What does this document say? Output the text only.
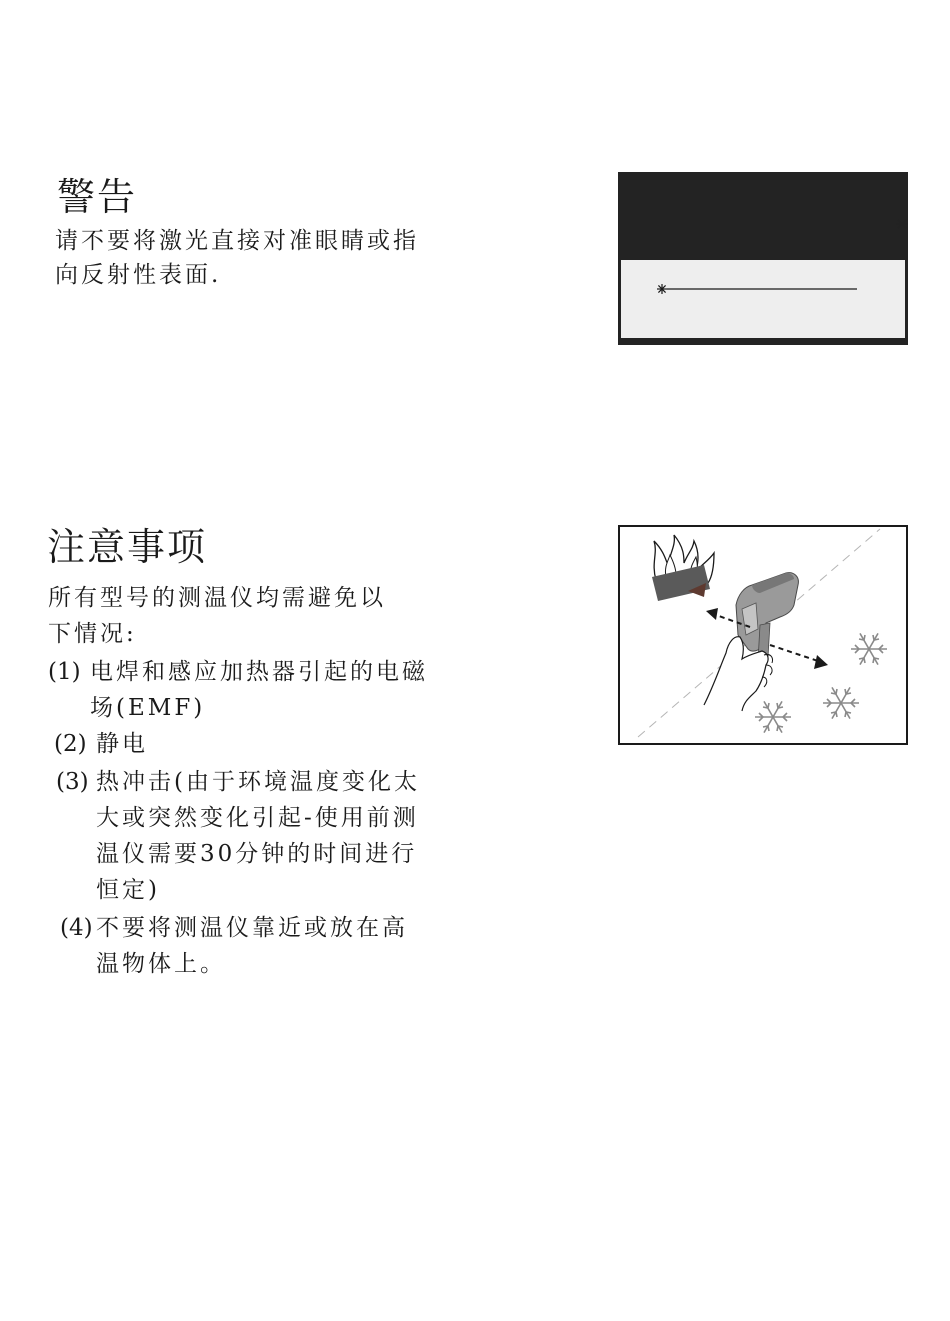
警告

请不要将激光直接对准眼睛或指向反射性表面.

注意事项

所有型号的测温仪均需避免以下情况:

(1) 电焊和感应加热器引起的电磁场(EMF)
(2) 静电
(3) 热冲击(由于环境温度变化太大或突然变化引起-使用前测温仪需要30分钟的时间进行恒定)
(4) 不要将测温仪靠近或放在高温物体上。
